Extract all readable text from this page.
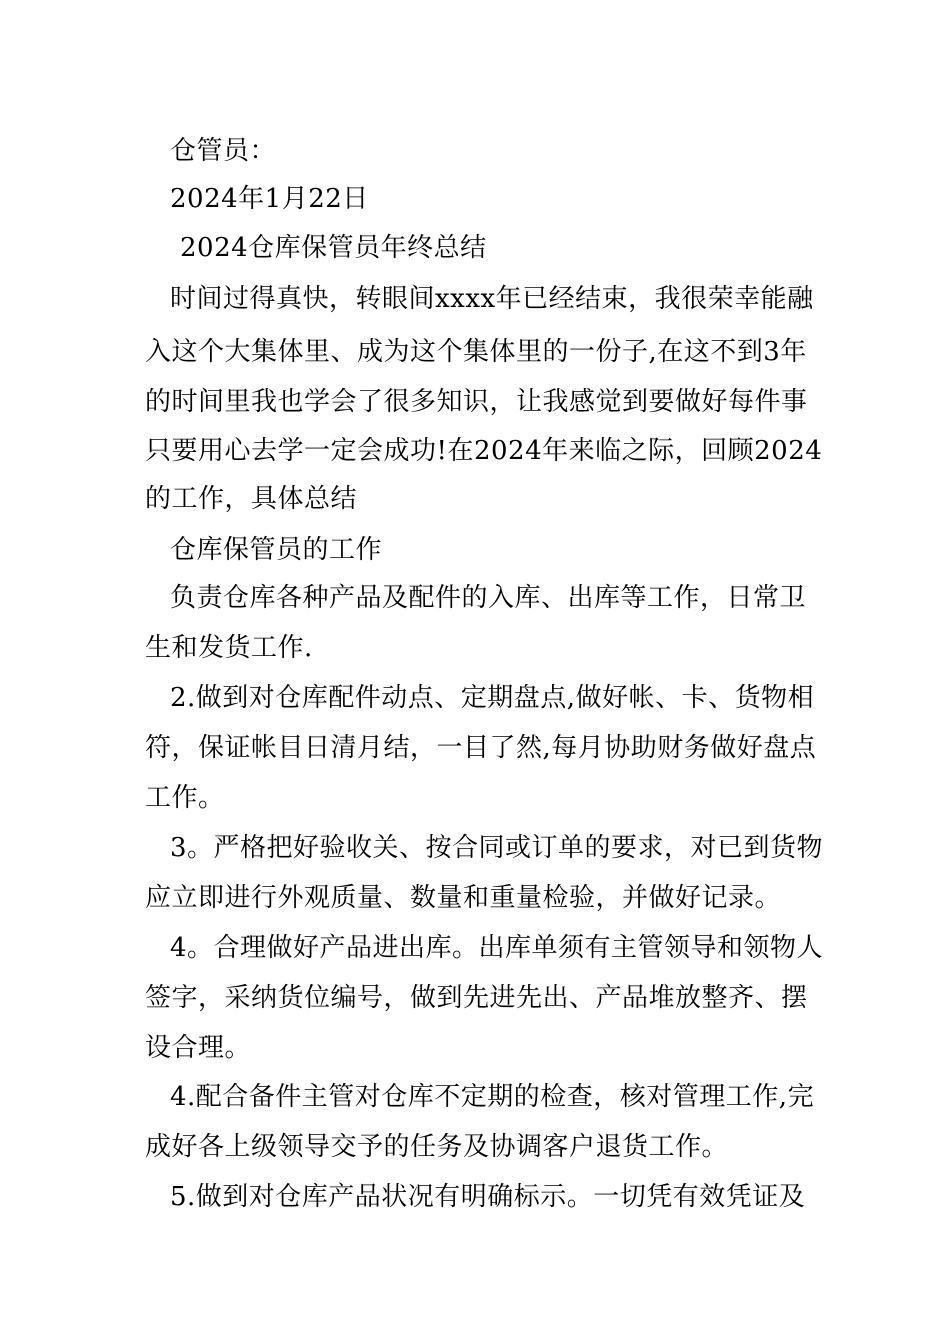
仓管员：
2024年1月22日
2024仓库保管员年终总结
时间过得真快，转眼间xxxx年已经结束，我很荣幸能融
入这个大集体里、成为这个集体里的一份子,在这不到3年
的时间里我也学会了很多知识，让我感觉到要做好每件事
只要用心去学一定会成功!在2024年来临之际，回顾2024
的工作，具体总结
仓库保管员的工作
负责仓库各种产品及配件的入库、出库等工作，日常卫
生和发货工作.
2.做到对仓库配件动点、定期盘点,做好帐、卡、货物相
符，保证帐目日清月结，一目了然,每月协助财务做好盘点
工作。
3。严格把好验收关、按合同或订单的要求，对已到货物
应立即进行外观质量、数量和重量检验，并做好记录。
4。合理做好产品进出库。出库单须有主管领导和领物人
签字，采纳货位编号，做到先进先出、产品堆放整齐、摆
设合理。
4.配合备件主管对仓库不定期的检查，核对管理工作,完
成好各上级领导交予的任务及协调客户退货工作。
5.做到对仓库产品状况有明确标示。一切凭有效凭证及
